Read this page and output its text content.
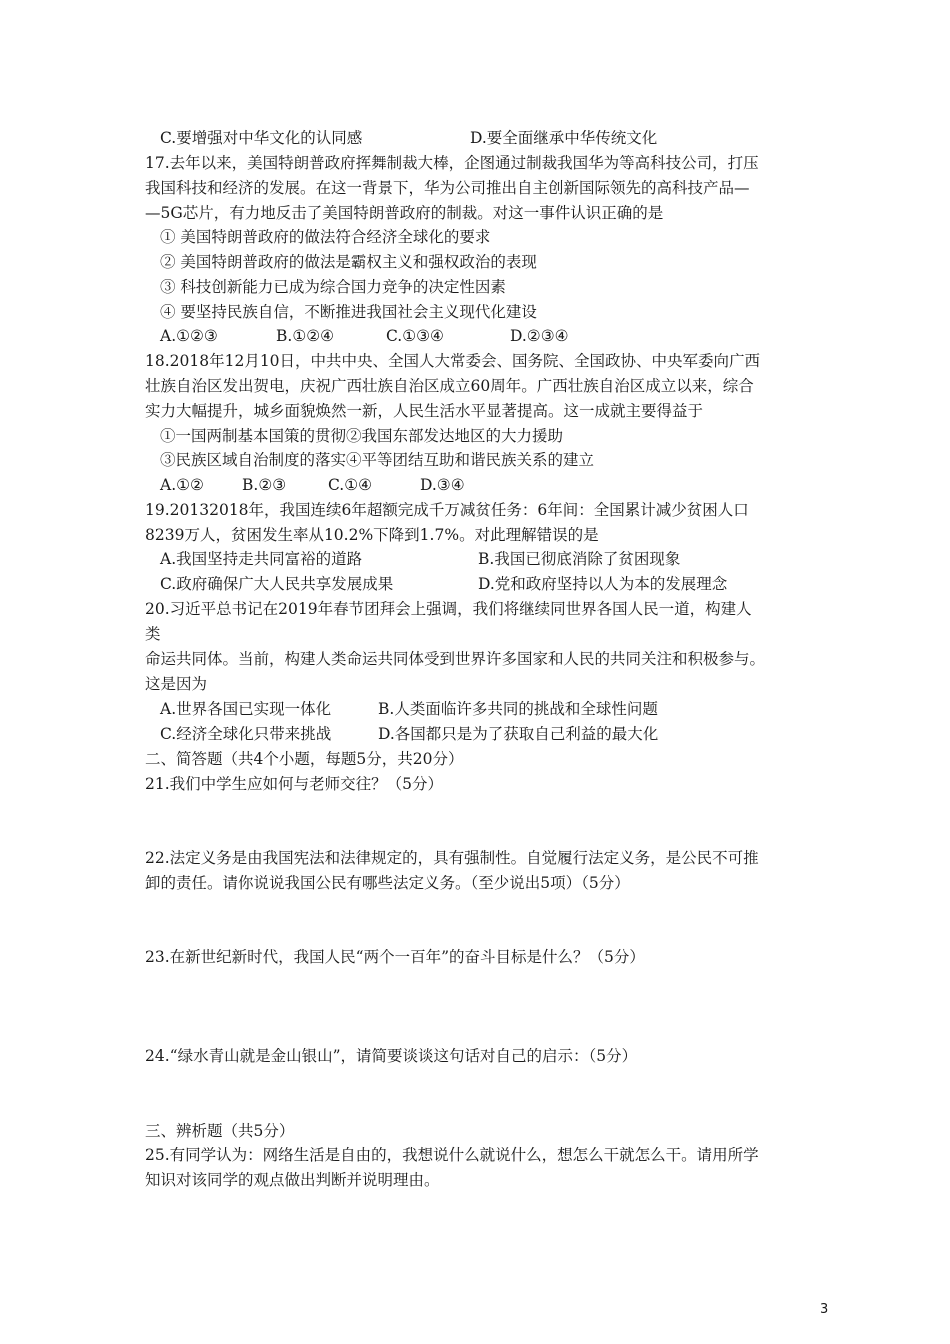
C.要增强对中华文化的认同感	D.要全面继承中华传统文化
17.去年以来，美国特朗普政府挥舞制裁大棒，企图通过制裁我国华为等高科技公司，打压
我国科技和经济的发展。在这一背景下，华为公司推出自主创新国际领先的高科技产品—
—5G芯片，有力地反击了美国特朗普政府的制裁。对这一事件认识正确的是
① 美国特朗普政府的做法符合经济全球化的要求
② 美国特朗普政府的做法是霸权主义和强权政治的表现
③ 科技创新能力已成为综合国力竞争的决定性因素
④ 要坚持民族自信，不断推进我国社会主义现代化建设
A.①②③	B.①②④	C.①③④	D.②③④
18.2018年12月10日，中共中央、全国人大常委会、国务院、全国政协、中央军委向广西
壮族自治区发出贺电，庆祝广西壮族自治区成立60周年。广西壮族自治区成立以来，综合
实力大幅提升，城乡面貌焕然一新，人民生活水平显著提高。这一成就主要得益于
①一国两制基本国策的贯彻②我国东部发达地区的大力援助
③民族区域自治制度的落实④平等团结互助和谐民族关系的建立
A.①② B.②③	C.①④	D.③④
19.20132018年，我国连续6年超额完成千万减贫任务：6年间：全国累计减少贫困人口
8239万人，贫困发生率从10.2%下降到1.7%。对此理解错误的是
A.我国坚持走共同富裕的道路	B.我国已彻底消除了贫困现象
C.政府确保广大人民共享发展成果	D.党和政府坚持以人为本的发展理念
20.习近平总书记在2019年春节团拜会上强调，我们将继续同世界各国人民一道，构建人
类
命运共同体。当前，构建人类命运共同体受到世界许多国家和人民的共同关注和积极参与。
这是因为
A.世界各国已实现一体化	B.人类面临许多共同的挑战和全球性问题
C.经济全球化只带来挑战	D.各国都只是为了获取自己利益的最大化
二、简答题（共4个小题，每题5分，共20分）
21.我们中学生应如何与老师交往？（5分）
22.法定义务是由我国宪法和法律规定的，具有强制性。自觉履行法定义务，是公民不可推
卸的责任。请你说说我国公民有哪些法定义务。（至少说出5项）（5分）
23.在新世纪新时代，我国人民“两个一百年”的奋斗目标是什么？（5分）
24.“绿水青山就是金山银山”，请简要谈谈这句话对自己的启示：（5分）
三、辨析题（共5分）
25.有同学认为：网络生活是自由的，我想说什么就说什么，想怎么干就怎么干。请用所学
知识对该同学的观点做出判断并说明理由。
3
